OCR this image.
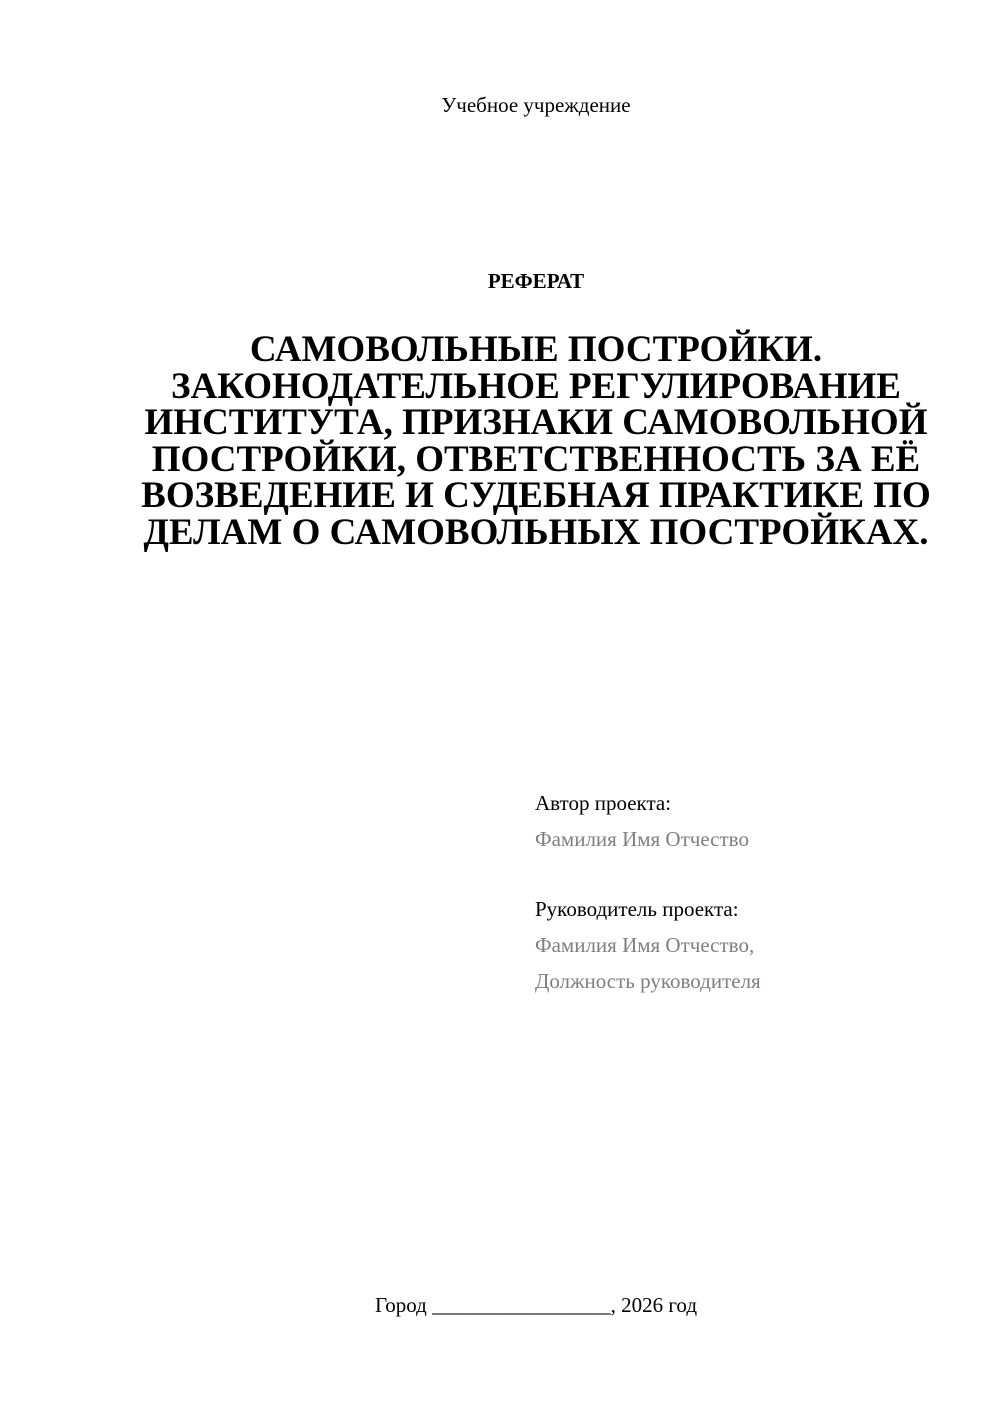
Учебное учреждение
РЕФЕРАТ
САМОВОЛЬНЫЕ ПОСТРОЙКИ. ЗАКОНОДАТЕЛЬНОЕ РЕГУЛИРОВАНИЕ ИНСТИТУТА, ПРИЗНАКИ САМОВОЛЬНОЙ ПОСТРОЙКИ, ОТВЕТСТВЕННОСТЬ ЗА ЕЁ ВОЗВЕДЕНИЕ И СУДЕБНАЯ ПРАКТИКЕ ПО ДЕЛАМ О САМОВОЛЬНЫХ ПОСТРОЙКАХ.
Автор проекта:
Фамилия Имя Отчество
Руководитель проекта:
Фамилия Имя Отчество,
Должность руководителя
Город _________________, 2026 год
